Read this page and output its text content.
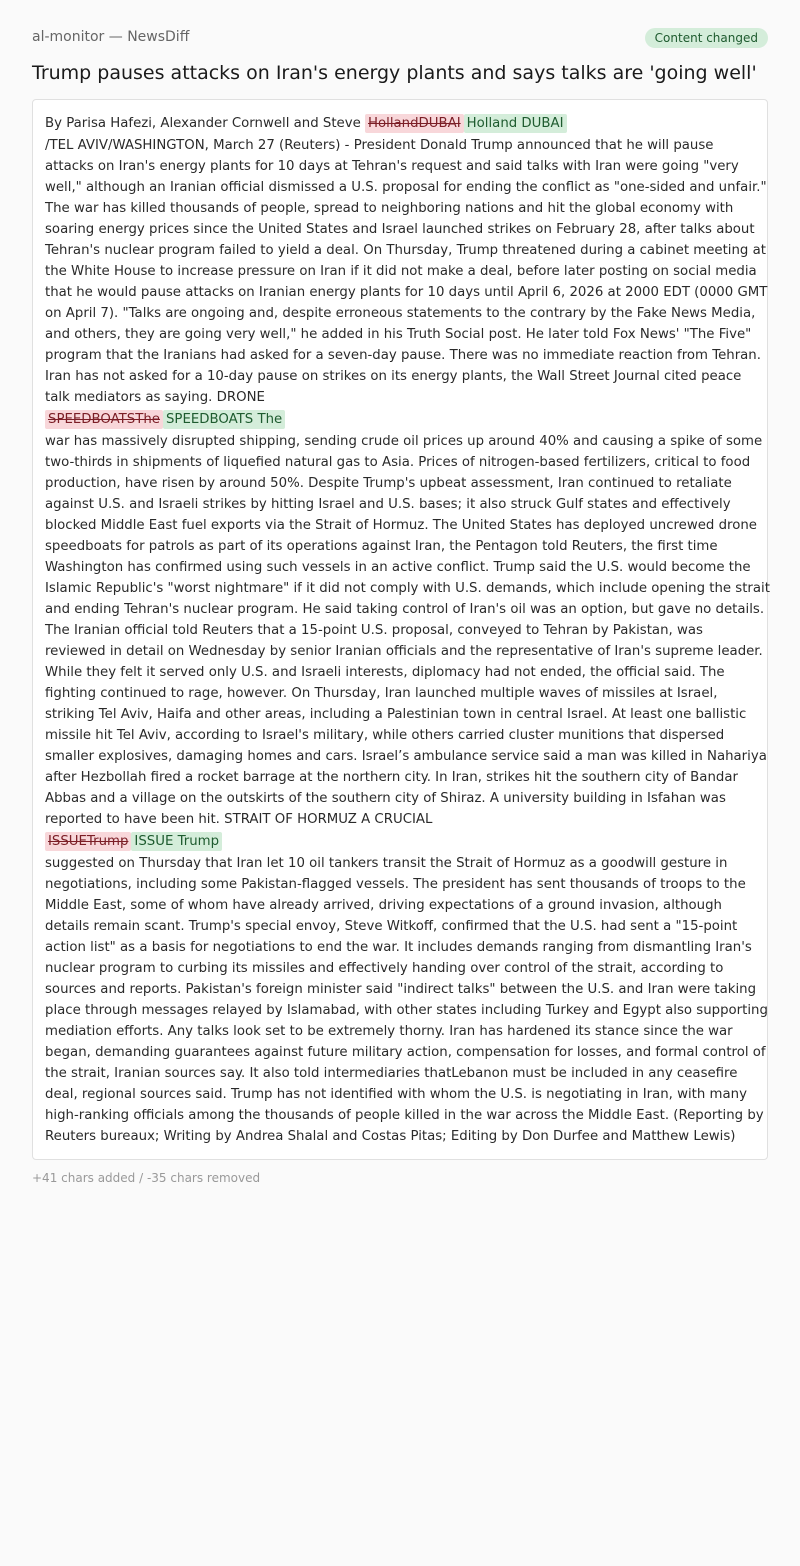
al-monitor — NewsDiff	Content changed
Trump pauses attacks on Iran's energy plants and says talks are 'going well'
By Parisa Hafezi, Alexander Cornwell and Steve HollandDUBAI Holland DUBAI
/TEL AVIV/WASHINGTON, March 27 (Reuters) - President Donald Trump announced that he will pause
attacks on Iran's energy plants for 10 days at Tehran's request and said talks with Iran were going "very
well," although an Iranian official dismissed a U.S. proposal for ending the conflict as "one-sided and unfair."
The war has killed thousands of people, spread to neighboring nations and hit the global economy with
soaring energy prices since the United States and Israel launched strikes on February 28, after talks about
Tehran's nuclear program failed to yield a deal. On Thursday, Trump threatened during a cabinet meeting at
the White House to increase pressure on Iran if it did not make a deal, before later posting on social media
that he would pause attacks on Iranian energy plants for 10 days until April 6, 2026 at 2000 EDT (0000 GMT
on April 7). "Talks are ongoing and, despite erroneous statements to the contrary by the Fake News Media,
and others, they are going very well," he added in his Truth Social post. He later told Fox News' "The Five"
program that the Iranians had asked for a seven-day pause. There was no immediate reaction from Tehran.
Iran has not asked for a 10-day pause on strikes on its energy plants, the Wall Street Journal cited peace
talk mediators as saying. DRONE
SPEEDBOATSThe SPEEDBOATS The
war has massively disrupted shipping, sending crude oil prices up around 40% and causing a spike of some
two-thirds in shipments of liquefied natural gas to Asia. Prices of nitrogen-based fertilizers, critical to food
production, have risen by around 50%. Despite Trump's upbeat assessment, Iran continued to retaliate
against U.S. and Israeli strikes by hitting Israel and U.S. bases; it also struck Gulf states and effectively
blocked Middle East fuel exports via the Strait of Hormuz. The United States has deployed uncrewed drone
speedboats for patrols as part of its operations against Iran, the Pentagon told Reuters, the first time
Washington has confirmed using such vessels in an active conflict. Trump said the U.S. would become the
Islamic Republic's "worst nightmare" if it did not comply with U.S. demands, which include opening the strait
and ending Tehran's nuclear program. He said taking control of Iran's oil was an option, but gave no details.
The Iranian official told Reuters that a 15-point U.S. proposal, conveyed to Tehran by Pakistan, was
reviewed in detail on Wednesday by senior Iranian officials and the representative of Iran's supreme leader.
While they felt it served only U.S. and Israeli interests, diplomacy had not ended, the official said. The
fighting continued to rage, however. On Thursday, Iran launched multiple waves of missiles at Israel,
striking Tel Aviv, Haifa and other areas, including a Palestinian town in central Israel. At least one ballistic
missile hit Tel Aviv, according to Israel's military, while others carried cluster munitions that dispersed
smaller explosives, damaging homes and cars. Israel’s ambulance service said a man was killed in Nahariya
after Hezbollah fired a rocket barrage at the northern city. In Iran, strikes hit the southern city of Bandar
Abbas and a village on the outskirts of the southern city of Shiraz. A university building in Isfahan was
reported to have been hit. STRAIT OF HORMUZ A CRUCIAL
ISSUETrump ISSUE Trump
suggested on Thursday that Iran let 10 oil tankers transit the Strait of Hormuz as a goodwill gesture in
negotiations, including some Pakistan-flagged vessels. The president has sent thousands of troops to the
Middle East, some of whom have already arrived, driving expectations of a ground invasion, although
details remain scant. Trump's special envoy, Steve Witkoff, confirmed that the U.S. had sent a "15-point
action list" as a basis for negotiations to end the war. It includes demands ranging from dismantling Iran's
nuclear program to curbing its missiles and effectively handing over control of the strait, according to
sources and reports. Pakistan's foreign minister said "indirect talks" between the U.S. and Iran were taking
place through messages relayed by Islamabad, with other states including Turkey and Egypt also supporting
mediation efforts. Any talks look set to be extremely thorny. Iran has hardened its stance since the war
began, demanding guarantees against future military action, compensation for losses, and formal control of
the strait, Iranian sources say. It also told intermediaries thatLebanon must be included in any ceasefire
deal, regional sources said. Trump has not identified with whom the U.S. is negotiating in Iran, with many
high-ranking officials among the thousands of people killed in the war across the Middle East. (Reporting by
Reuters bureaux; Writing by Andrea Shalal and Costas Pitas; Editing by Don Durfee and Matthew Lewis)
+41 chars added / -35 chars removed
